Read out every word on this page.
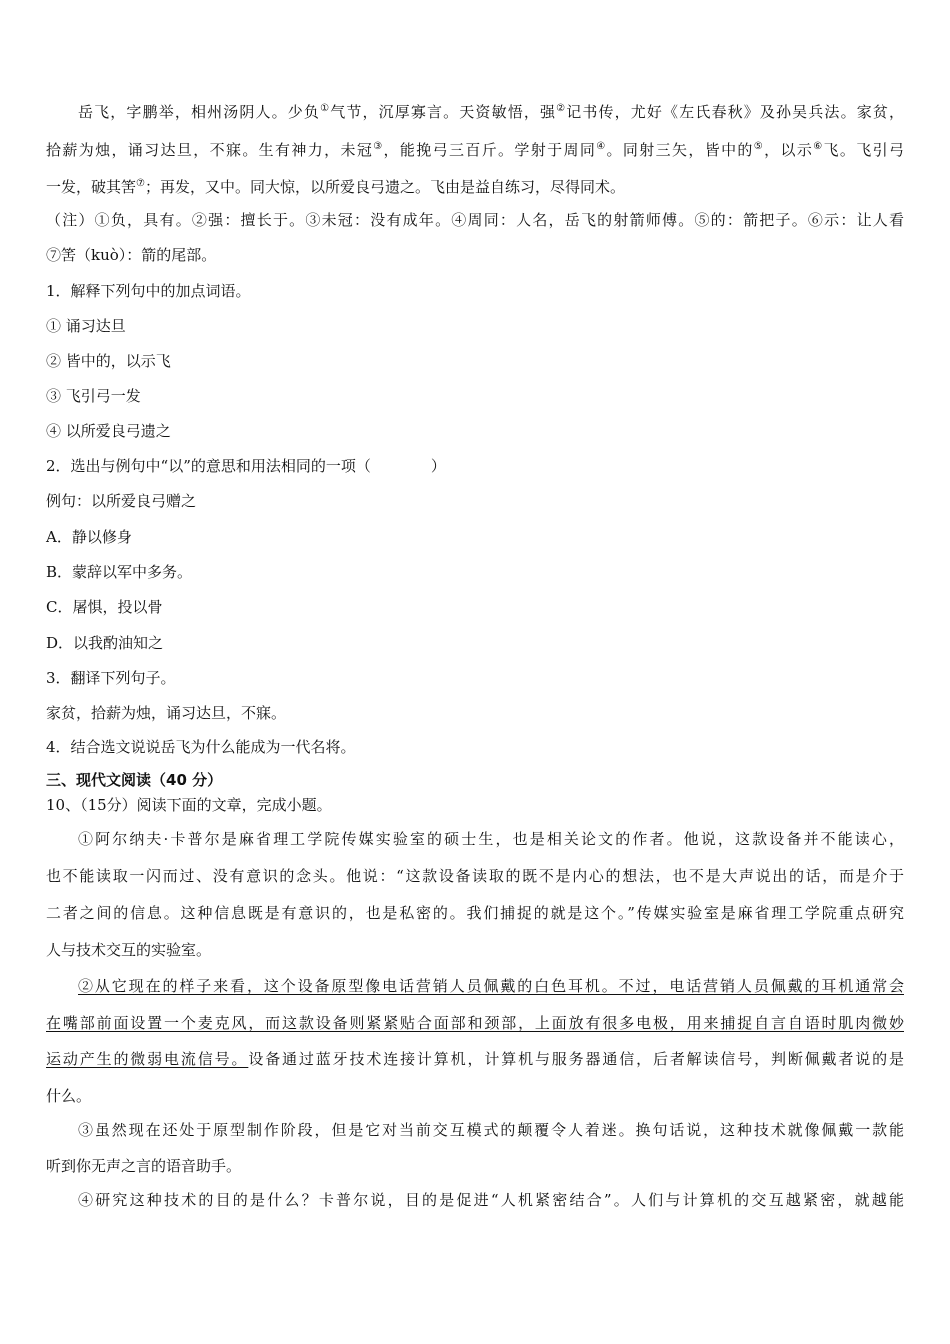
岳飞，字鹏举，相州汤阴人。少负①气节，沉厚寡言。天资敏悟，强②记书传，尤好《左氏春秋》及孙吴兵法。家贫，
拾薪为烛，诵习达旦，不寐。生有神力，未冠③，能挽弓三百斤。学射于周同④。同射三矢，皆中的⑤，以示⑥飞。飞引弓
一发，破其筈⑦；再发，又中。同大惊，以所爱良弓遗之。飞由是益自练习，尽得同术。
（注）①负，具有。②强：擅长于。③未冠：没有成年。④周同：人名，岳飞的射箭师傅。⑤的：箭把子。⑥示：让人看
⑦筈（kuò）：箭的尾部。
1．解释下列句中的加点词语。
① 诵习达旦
② 皆中的，以示飞
③ 飞引弓一发
④ 以所爱良弓遗之
2．选出与例句中“以”的意思和用法相同的一项（　　　　）
例句：以所爱良弓赠之
A．静以修身
B．蒙辞以军中多务。
C．屠惧，投以骨
D．以我酌油知之
3．翻译下列句子。
家贫，拾薪为烛，诵习达旦，不寐。
4．结合选文说说岳飞为什么能成为一代名将。
三、现代文阅读（40 分）
10、（15分）阅读下面的文章，完成小题。
①阿尔纳夫·卡普尔是麻省理工学院传媒实验室的硕士生，也是相关论文的作者。他说，这款设备并不能读心，
也不能读取一闪而过、没有意识的念头。他说：“这款设备读取的既不是内心的想法，也不是大声说出的话，而是介于
二者之间的信息。这种信息既是有意识的，也是私密的。我们捕捉的就是这个。”传媒实验室是麻省理工学院重点研究
人与技术交互的实验室。
②从它现在的样子来看，这个设备原型像电话营销人员佩戴的白色耳机。不过，电话营销人员佩戴的耳机通常会
在嘴部前面设置一个麦克风，而这款设备则紧紧贴合面部和颈部，上面放有很多电极，用来捕捉自言自语时肌肉微妙
运动产生的微弱电流信号。设备通过蓝牙技术连接计算机，计算机与服务器通信，后者解读信号，判断佩戴者说的是
什么。
③虽然现在还处于原型制作阶段，但是它对当前交互模式的颠覆令人着迷。换句话说，这种技术就像佩戴一款能
听到你无声之言的语音助手。
④研究这种技术的目的是什么？卡普尔说，目的是促进“人机紧密结合”。人们与计算机的交互越紧密，就越能
